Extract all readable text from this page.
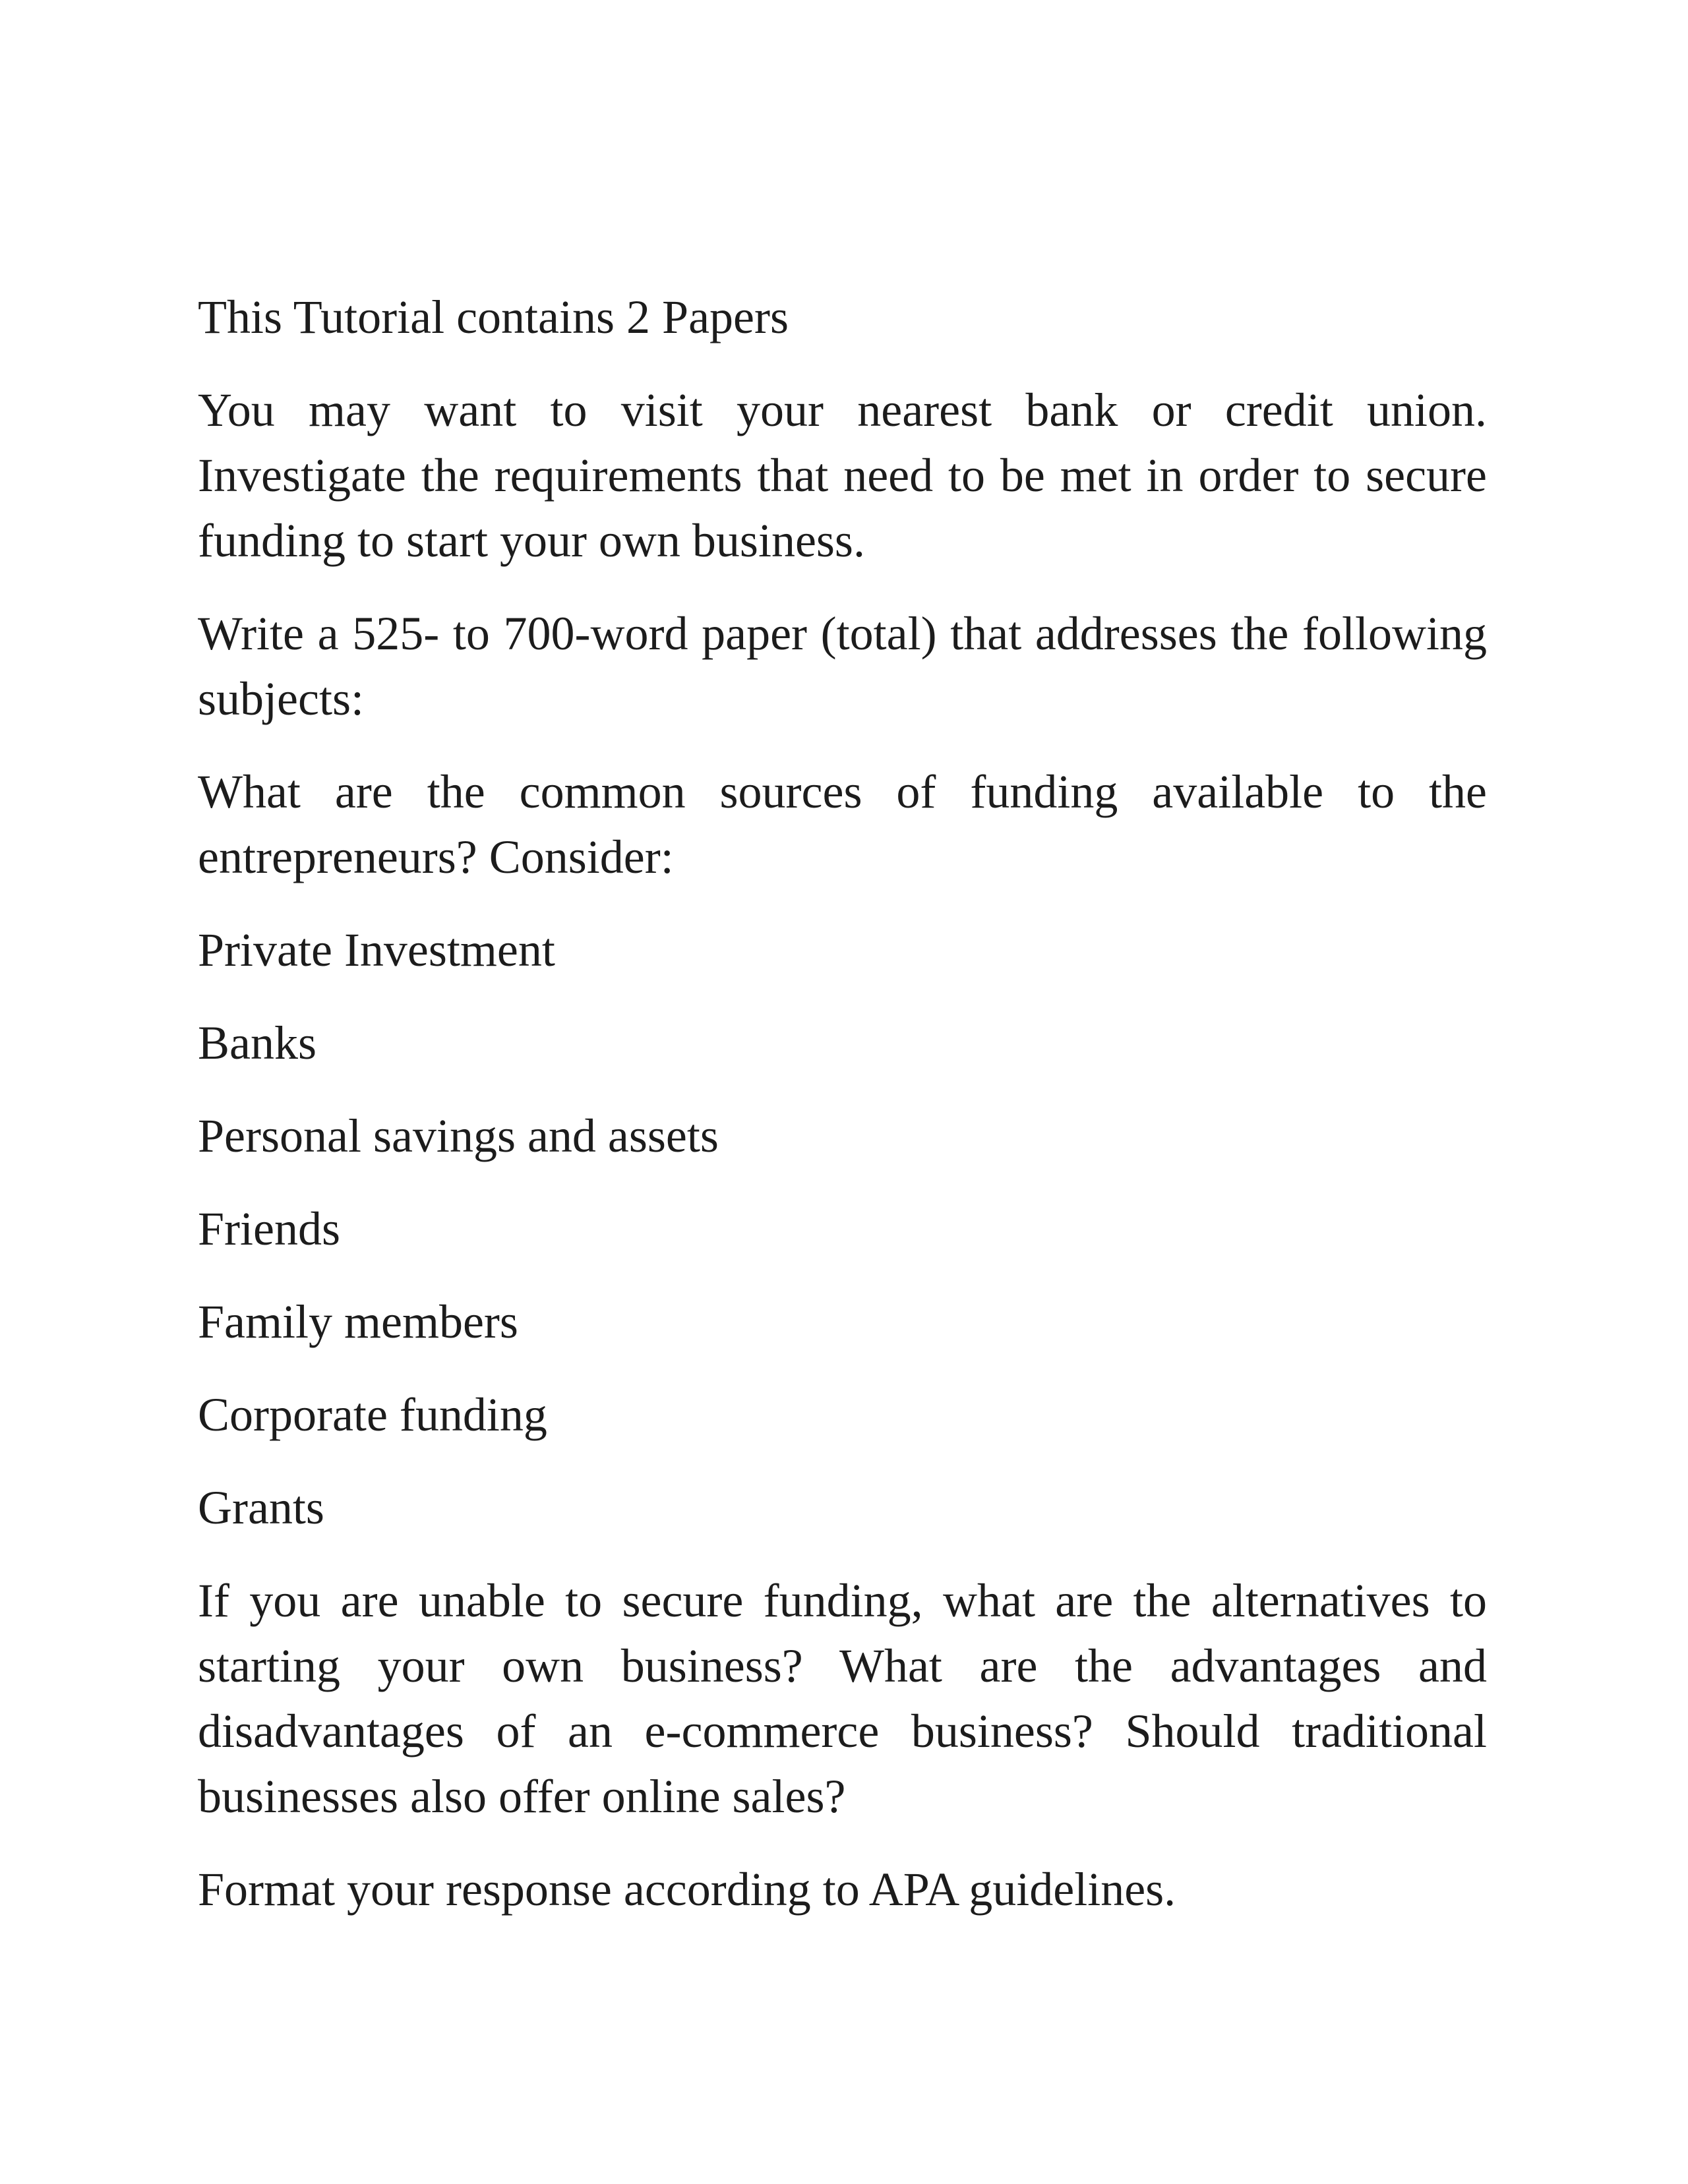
This Tutorial contains 2 Papers

You may want to visit your nearest bank or credit union. Investigate the requirements that need to be met in order to secure funding to start your own business.

Write a 525- to 700-word paper (total) that addresses the following subjects:

What are the common sources of funding available to the entrepreneurs? Consider:

Private Investment

Banks

Personal savings and assets

Friends

Family members

Corporate funding

Grants

If you are unable to secure funding, what are the alternatives to starting your own business? What are the advantages and disadvantages of an e-commerce business? Should traditional businesses also offer online sales?

Format your response according to APA guidelines.
